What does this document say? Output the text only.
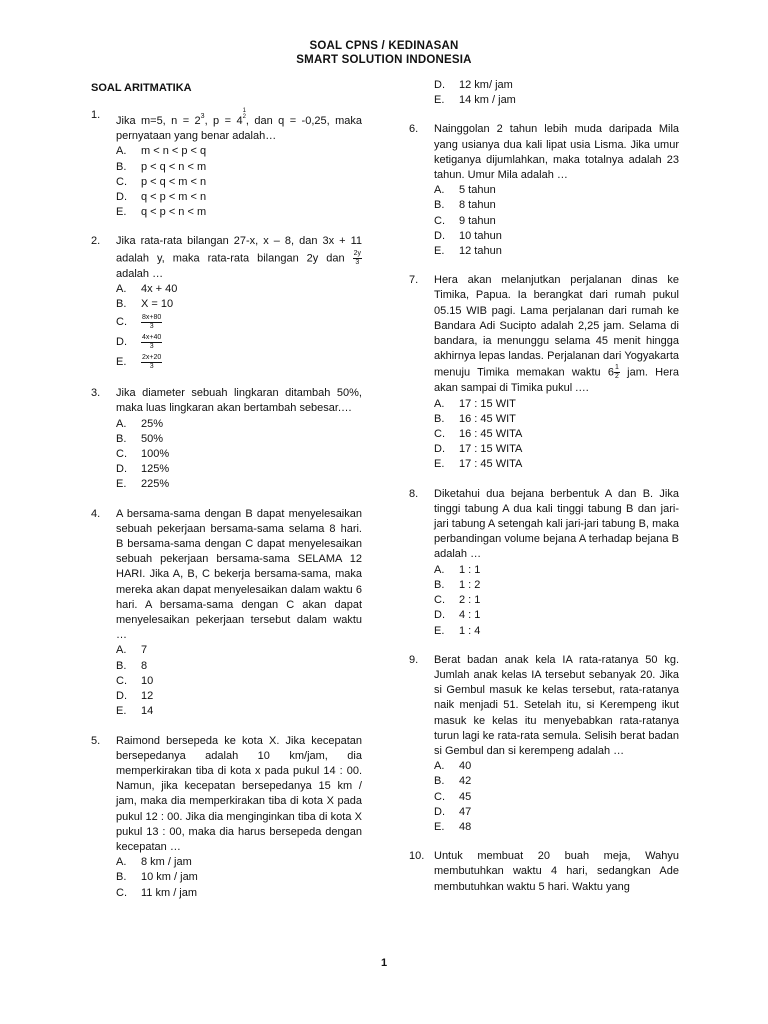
SOAL CPNS / KEDINASAN
SMART SOLUTION INDONESIA
SOAL ARITMATIKA
1. Jika m=5, $n = 2^3$, p = 4
1
2 , dan q = -0,25, maka pernyataan yang benar adalah…
A. m < n < p < q
B. p < q < n < m
C. p < q < m < n
D. q < p < m < n
E. q < p < n < m
2. Jika rata-rata bilangan 27-x, x – 8, dan 3x + 11 adalah y, maka rata-rata bilangan 2y dan $\frac{2y}{3}$
adalah …
A. 4x + 40
B. X = 10
C. $\frac{8x+80}{3}$
D. $\frac{4x+40}{3}$
E. $\frac{2x+20}{3}$
3. Jika diameter sebuah lingkaran ditambah 50%, maka luas lingkaran akan bertambah sebesar.…
A. 25%
B. 50%
C. 100%
D. 125%
E. 225%
4. A bersama-sama dengan B dapat menyelesaikan sebuah pekerjaan bersama-sama selama 8 hari. B bersama-sama dengan C dapat menyelesaikan sebuah pekerjaan bersama-sama SELAMA 12 HARI. Jika A, B, C bekerja bersama-sama, maka mereka akan dapat menyelesaikan dalam waktu 6 hari. A bersama-sama dengan C akan dapat menyelesaikan pekerjaan tersebut dalam waktu …
A. 7
B. 8
C. 10
D. 12
E. 14
5. Raimond bersepeda ke kota X. Jika kecepatan bersepedanya adalah 10 km/jam, dia memperkirakan tiba di kota x pada pukul 14 : 00. Namun, jika kecepatan bersepedanya 15 km / jam, maka dia memperkirakan tiba di kota X pada pukul 12 : 00. Jika dia menginginkan tiba di kota X pukul 13 : 00, maka dia harus bersepeda dengan kecepatan …
A. 8 km / jam
B. 10 km / jam
C. 11 km / jam
D. 12 km/ jam
E. 14 km / jam
6. Nainggolan 2 tahun lebih muda daripada Mila yang usianya dua kali lipat usia Lisma. Jika umur ketiganya dijumlahkan, maka totalnya adalah 23 tahun. Umur Mila adalah …
A. 5 tahun
B. 8 tahun
C. 9 tahun
D. 10 tahun
E. 12 tahun
7. Hera akan melanjutkan perjalanan dinas ke Timika, Papua. Ia berangkat dari rumah pukul 05.15 WIB pagi. Lama perjalanan dari rumah ke Bandara Adi Sucipto adalah 2,25 jam. Selama di bandara, ia menunggu selama 45 menit hingga akhirnya lepas landas. Perjalanan dari Yogyakarta menuju Timika memakan waktu $6 \frac{1}{2}$ jam. Hera akan sampai di Timika pukul .…
A. 17 : 15 WIT
B. 16 : 45 WIT
C. 16 : 45 WITA
D. 17 : 15 WITA
E. 17 : 45 WITA
8. Diketahui dua bejana berbentuk A dan B. Jika tinggi tabung A dua kali tinggi tabung B dan jari-jari tabung A setengah kali jari-jari tabung B, maka perbandingan volume bejana A terhadap bejana B adalah …
A. 1 : 1
B. 1 : 2
C. 2 : 1
D. 4 : 1
E. 1 : 4
9. Berat badan anak kela IA rata-ratanya 50 kg. Jumlah anak kelas IA tersebut sebanyak 20. Jika si Gembul masuk ke kelas tersebut, rata-ratanya naik menjadi 51. Setelah itu, si Kerempeng ikut masuk ke kelas itu menyebabkan rata-ratanya turun lagi ke rata-rata semula. Selisih berat badan si Gembul dan si kerempeng adalah …
A. 40
B. 42
C. 45
D. 47
E. 48
10. Untuk membuat 20 buah meja, Wahyu membutuhkan waktu 4 hari, sedangkan Ade membutuhkan waktu 5 hari. Waktu yang
1
